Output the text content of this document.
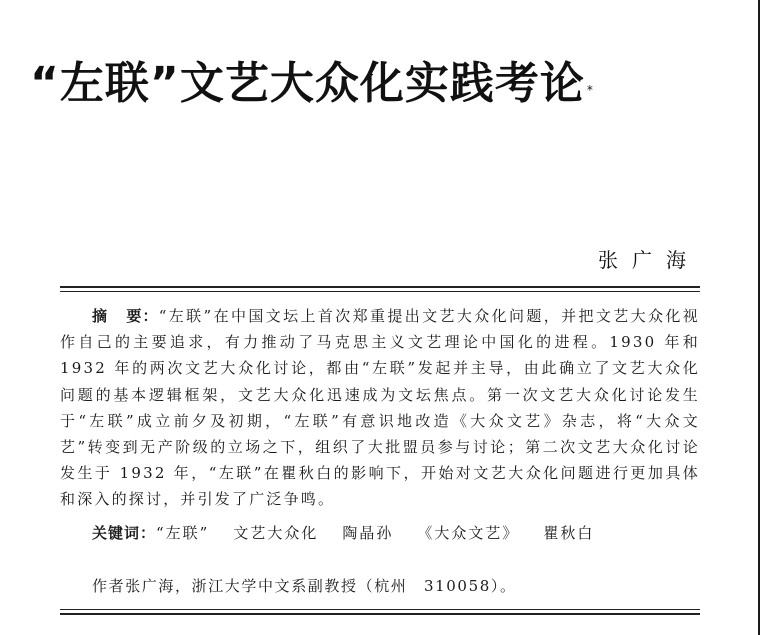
“左联”文艺大众化实践考论 *
张广海
摘 要：“左联”在中国文坛上首次郑重提出文艺大众化问题，并把文艺大众化视作自己的主要追求，有力推动了马克思主义文艺理论中国化的进程。1930 年和 1932 年的两次文艺大众化讨论，都由“左联”发起并主导，由此确立了文艺大众化问题的基本逻辑框架，文艺大众化迅速成为文坛焦点。第一次文艺大众化讨论发生于“左联”成立前夕及初期，“左联”有意识地改造《大众文艺》杂志，将“大众文艺”转变到无产阶级的立场之下，组织了大批盟员参与讨论；第二次文艺大众化讨论发生于 1932 年，“左联”在瞿秋白的影响下，开始对文艺大众化问题进行更加具体和深入的探讨，并引发了广泛争鸣。
关键词：“左联” 文艺大众化 陶晶孙 《大众文艺》 瞿秋白
作者张广海，浙江大学中文系副教授（杭州　310058）。
